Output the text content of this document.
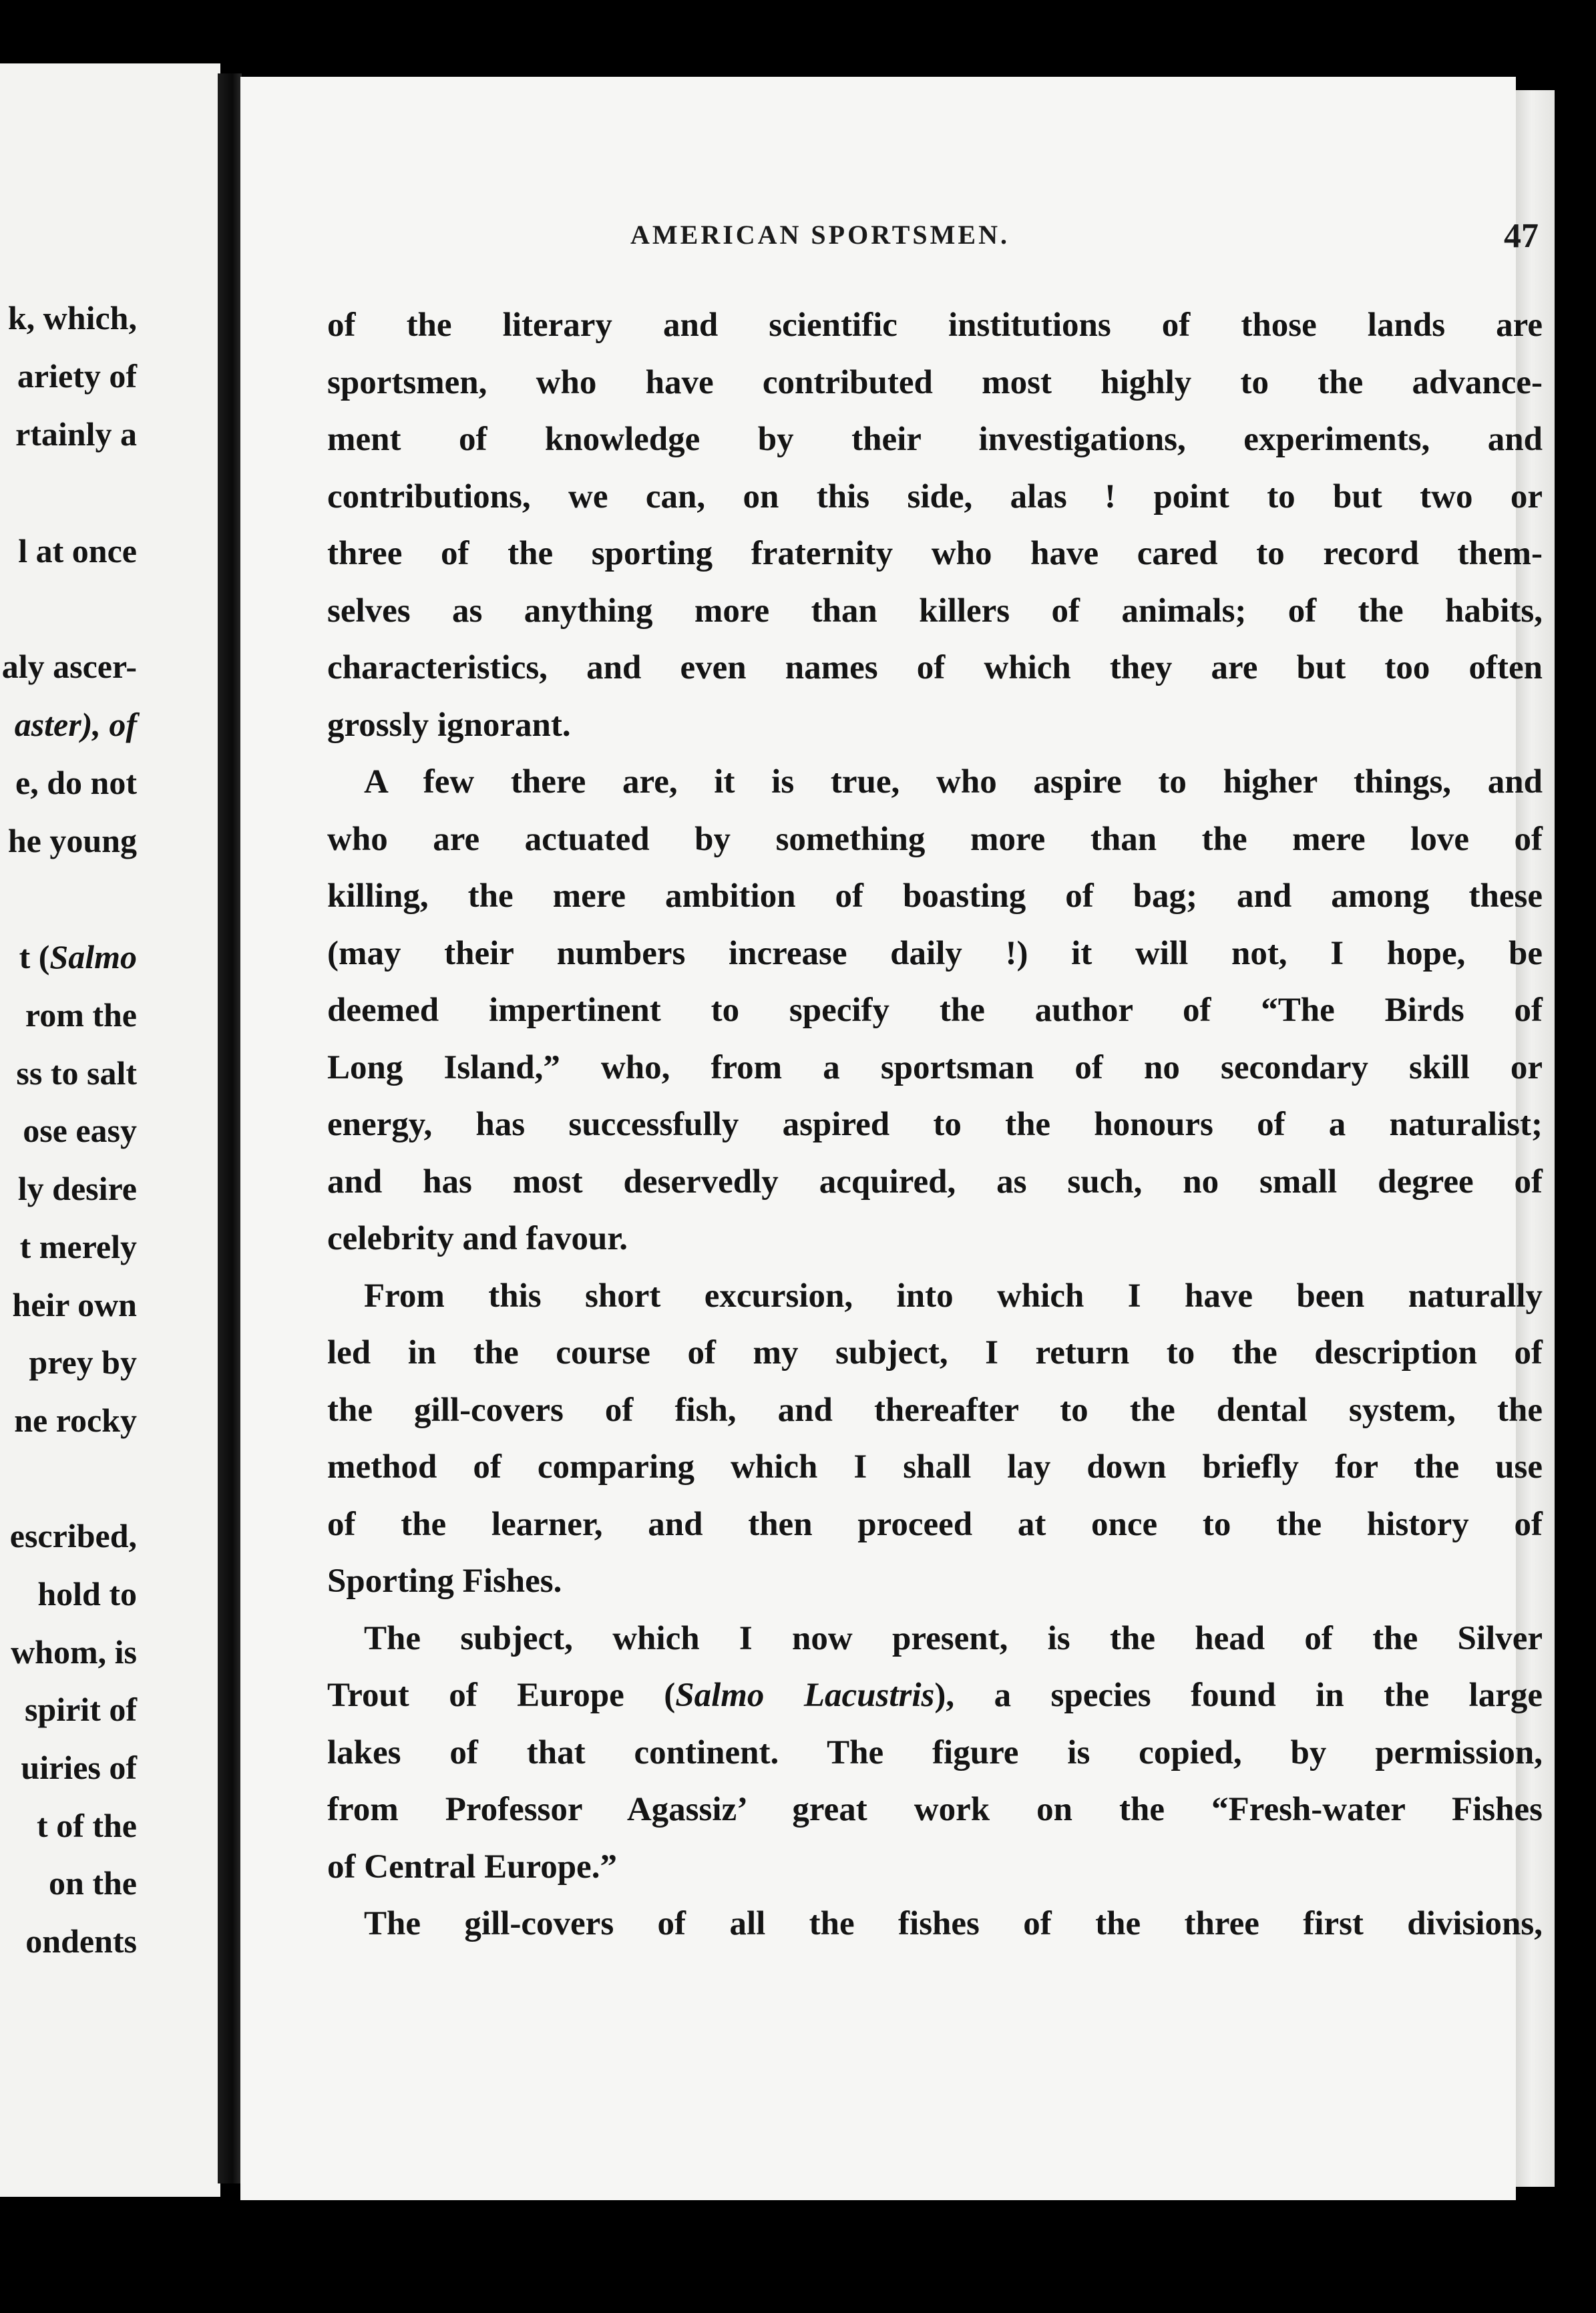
k, which,
ariety of
rtainly a
l at once
aly ascer-
aster), of
e, do not
he young
t (Salmo
rom the
ss to salt
ose easy
ly desire
t merely
heir own
prey by
ne rocky
escribed,
hold to
whom, is
spirit of
uiries of
t of the
on the
ondents
AMERICAN SPORTSMEN.	47
of the literary and scientific institutions of those lands are
sportsmen, who have contributed most highly to the advance-
ment of knowledge by their investigations, experiments, and
contributions, we can, on this side, alas ! point to but two or
three of the sporting fraternity who have cared to record them-
selves as anything more than killers of animals; of the habits,
characteristics, and even names of which they are but too often
grossly ignorant.
A few there are, it is true, who aspire to higher things, and
who are actuated by something more than the mere love of
killing, the mere ambition of boasting of bag; and among these
(may their numbers increase daily !) it will not, I hope, be
deemed impertinent to specify the author of “The Birds of
Long Island,” who, from a sportsman of no secondary skill or
energy, has successfully aspired to the honours of a naturalist;
and has most deservedly acquired, as such, no small degree of
celebrity and favour.
From this short excursion, into which I have been naturally
led in the course of my subject, I return to the description of
the gill-covers of fish, and thereafter to the dental system, the
method of comparing which I shall lay down briefly for the use
of the learner, and then proceed at once to the history of
Sporting Fishes.
The subject, which I now present, is the head of the Silver
Trout of Europe (Salmo Lacustris), a species found in the large
lakes of that continent. The figure is copied, by permission,
from Professor Agassiz’ great work on the “Fresh-water Fishes
of Central Europe.”
The gill-covers of all the fishes of the three first divisions,
